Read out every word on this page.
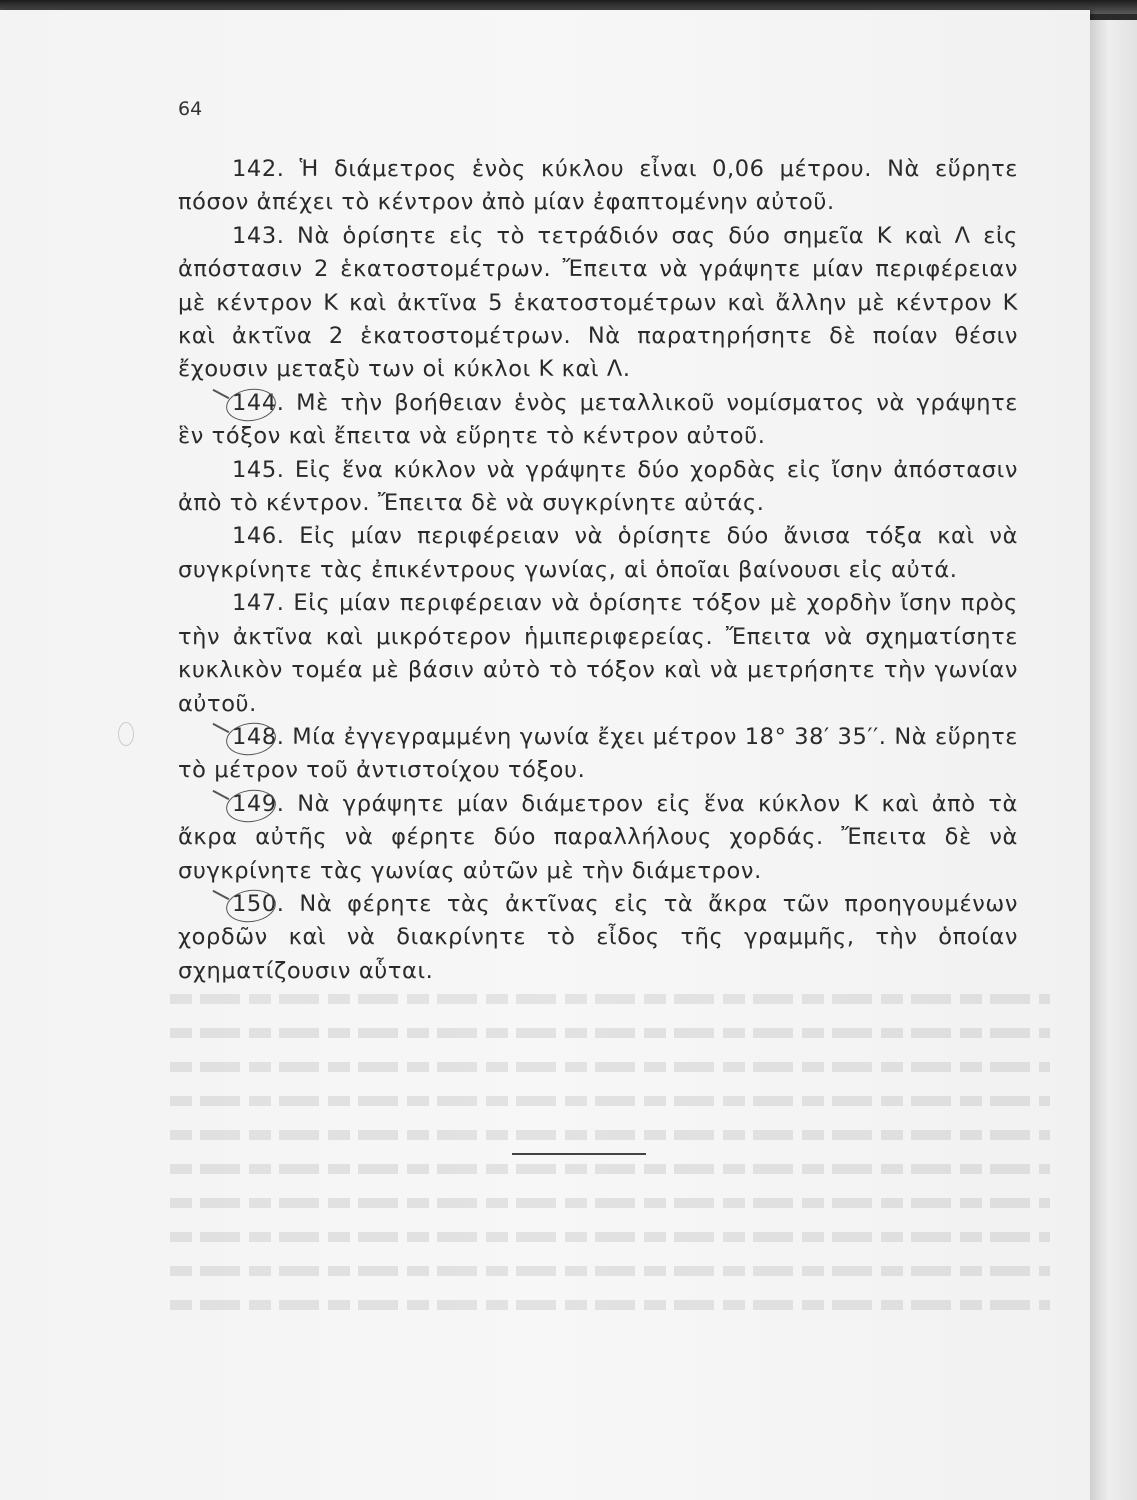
64

142. Ἡ διάμετρος ἑνὸς κύκλου εἶναι 0,06 μέτρου. Νὰ εὕρητε πόσον ἀπέχει τὸ κέντρον ἀπὸ μίαν ἐφαπτομένην αὐτοῦ.

143. Νὰ ὁρίσητε εἰς τὸ τετράδιόν σας δύο σημεῖα Κ καὶ Λ εἰς ἀπόστασιν 2 ἑκατοστομέτρων. Ἔπειτα νὰ γράψητε μίαν περιφέρειαν μὲ κέντρον Κ καὶ ἀκτῖνα 5 ἑκατοστομέτρων καὶ ἄλλην μὲ κέντρον Κ καὶ ἀκτῖνα 2 ἑκατοστομέτρων. Νὰ παρατηρήσητε δὲ ποίαν θέσιν ἔχουσιν μεταξὺ των οἱ κύκλοι Κ καὶ Λ.

144. Μὲ τὴν βοήθειαν ἑνὸς μεταλλικοῦ νομίσματος νὰ γράψητε ἓν τόξον καὶ ἔπειτα νὰ εὕρητε τὸ κέντρον αὐτοῦ.

145. Εἰς ἕνα κύκλον νὰ γράψητε δύο χορδὰς εἰς ἴσην ἀπόστασιν ἀπὸ τὸ κέντρον. Ἔπειτα δὲ νὰ συγκρίνητε αὐτάς.

146. Εἰς μίαν περιφέρειαν νὰ ὁρίσητε δύο ἄνισα τόξα καὶ νὰ συγκρίνητε τὰς ἐπικέντρους γωνίας, αἱ ὁποῖαι βαίνουσι εἰς αὐτά.

147. Εἰς μίαν περιφέρειαν νὰ ὁρίσητε τόξον μὲ χορδὴν ἴσην πρὸς τὴν ἀκτῖνα καὶ μικρότερον ἡμιπεριφερείας. Ἔπειτα νὰ σχηματίσητε κυκλικὸν τομέα μὲ βάσιν αὐτὸ τὸ τόξον καὶ νὰ μετρήσητε τὴν γωνίαν αὐτοῦ.

148. Μία ἐγγεγραμμένη γωνία ἔχει μέτρον 18° 38′ 35′′. Νὰ εὕρητε τὸ μέτρον τοῦ ἀντιστοίχου τόξου.

149. Νὰ γράψητε μίαν διάμετρον εἰς ἕνα κύκλον Κ καὶ ἀπὸ τὰ ἄκρα αὐτῆς νὰ φέρητε δύο παραλλήλους χορδάς. Ἔπειτα δὲ νὰ συγκρίνητε τὰς γωνίας αὐτῶν μὲ τὴν διάμετρον.

150. Νὰ φέρητε τὰς ἀκτῖνας εἰς τὰ ἄκρα τῶν προηγουμένων χορδῶν καὶ νὰ διακρίνητε τὸ εἶδος τῆς γραμμῆς, τὴν ὁποίαν σχηματίζουσιν αὗται.
